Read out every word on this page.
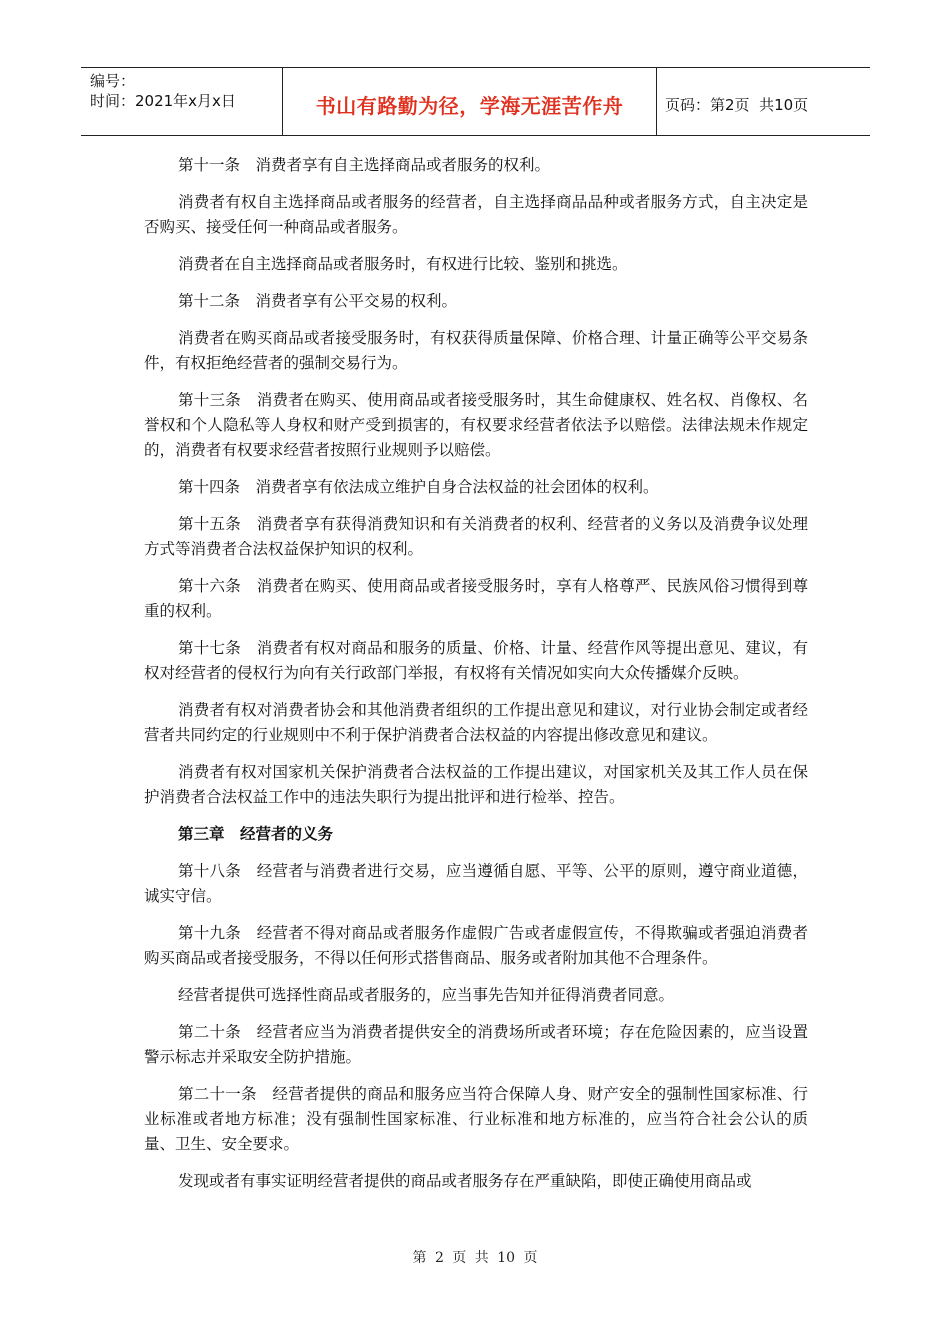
编号：
时间：2021年x月x日	书山有路勤为径，学海无涯苦作舟	页码：第2页  共10页

第十一条　消费者享有自主选择商品或者服务的权利。

消费者有权自主选择商品或者服务的经营者，自主选择商品品种或者服务方式，自主决定是否购买、接受任何一种商品或者服务。

消费者在自主选择商品或者服务时，有权进行比较、鉴别和挑选。

第十二条　消费者享有公平交易的权利。

消费者在购买商品或者接受服务时，有权获得质量保障、价格合理、计量正确等公平交易条件，有权拒绝经营者的强制交易行为。

第十三条　消费者在购买、使用商品或者接受服务时，其生命健康权、姓名权、肖像权、名誉权和个人隐私等人身权和财产受到损害的，有权要求经营者依法予以赔偿。法律法规未作规定的，消费者有权要求经营者按照行业规则予以赔偿。

第十四条　消费者享有依法成立维护自身合法权益的社会团体的权利。

第十五条　消费者享有获得消费知识和有关消费者的权利、经营者的义务以及消费争议处理方式等消费者合法权益保护知识的权利。

第十六条　消费者在购买、使用商品或者接受服务时，享有人格尊严、民族风俗习惯得到尊重的权利。

第十七条　消费者有权对商品和服务的质量、价格、计量、经营作风等提出意见、建议，有权对经营者的侵权行为向有关行政部门举报，有权将有关情况如实向大众传播媒介反映。

消费者有权对消费者协会和其他消费者组织的工作提出意见和建议，对行业协会制定或者经营者共同约定的行业规则中不利于保护消费者合法权益的内容提出修改意见和建议。

消费者有权对国家机关保护消费者合法权益的工作提出建议，对国家机关及其工作人员在保护消费者合法权益工作中的违法失职行为提出批评和进行检举、控告。

第三章　经营者的义务

第十八条　经营者与消费者进行交易，应当遵循自愿、平等、公平的原则，遵守商业道德，诚实守信。

第十九条　经营者不得对商品或者服务作虚假广告或者虚假宣传，不得欺骗或者强迫消费者购买商品或者接受服务，不得以任何形式搭售商品、服务或者附加其他不合理条件。

经营者提供可选择性商品或者服务的，应当事先告知并征得消费者同意。

第二十条　经营者应当为消费者提供安全的消费场所或者环境；存在危险因素的，应当设置警示标志并采取安全防护措施。

第二十一条　经营者提供的商品和服务应当符合保障人身、财产安全的强制性国家标准、行业标准或者地方标准；没有强制性国家标准、行业标准和地方标准的，应当符合社会公认的质量、卫生、安全要求。

发现或者有事实证明经营者提供的商品或者服务存在严重缺陷，即使正确使用商品或

第 2 页 共 10 页
